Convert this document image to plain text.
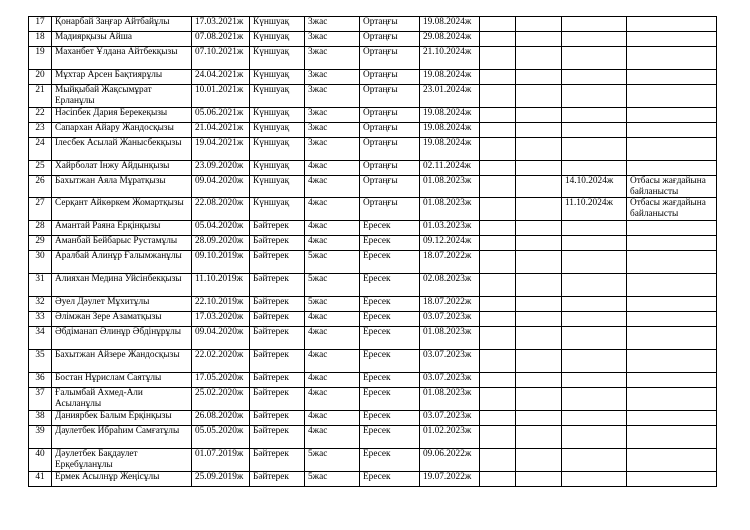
17	Қонарбай Заңғар Айтбайұлы	17.03.2021ж	Күншуақ	3жас	Ортаңғы	19.08.2024ж				
18	Мадиярқызы Айша	07.08.2021ж	Күншуақ	3жас	Ортаңғы	29.08.2024ж				
19	Маханбет Ұлдана Айтбекқызы	07.10.2021ж	Күншуақ	3жас	Ортаңғы	21.10.2024ж				
20	Мұхтар Арсен Бақтиярұлы	24.04.2021ж	Күншуақ	3жас	Ортаңғы	19.08.2024ж				
21	Мыйқыбай Жақсымұрат Ерланұлы	10.01.2021ж	Күншуақ	3жас	Ортаңғы	23.01.2024ж				
22	Нәсіпбек Дария Берекеқызы	05.06.2021ж	Күншуақ	3жас	Ортаңғы	19.08.2024ж				
23	Сапархан Айару Жандосқызы	21.04.2021ж	Күншуақ	3жас	Ортаңғы	19.08.2024ж				
24	Ілесбек Асылай Жанысбекқызы	19.04.2021ж	Күншуақ	3жас	Ортаңғы	19.08.2024ж				
25	Хайрболат Інжу Айдынқызы	23.09.2020ж	Күншуақ	4жас	Ортаңғы	02.11.2024ж				
26	Бахытжан Аяла Мұратқызы	09.04.2020ж	Күншуақ	4жас	Ортаңғы	01.08.2023ж			14.10.2024ж	Отбасы жағдайына байланысты
27	Серқант Айкөркем Жомартқызы	22.08.2020ж	Күншуақ	4жас	Ортаңғы	01.08.2023ж			11.10.2024ж	Отбасы жағдайына байланысты
28	Амантай Раяна Ерқінқызы	05.04.2020ж	Бәйтерек	4жас	Ересек	01.03.2023ж				
29	Аманбай Бейбарыс Рустамұлы	28.09.2020ж	Бәйтерек	4жас	Ересек	09.12.2024ж				
30	Аралбай Алинұр Ғалымжанұлы	09.10.2019ж	Бәйтерек	5жас	Ересек	18.07.2022ж				
31	Алияхан Медина Уйсінбекқызы	11.10.2019ж	Бәйтерек	5жас	Ересек	02.08.2023ж				
32	Әуел Дәулет Мұхитұлы	22.10.2019ж	Бәйтерек	5жас	Ересек	18.07.2022ж				
33	Әлімжан Зере Азаматқызы	17.03.2020ж	Бәйтерек	4жас	Ересек	03.07.2023ж				
34	Әбдіманап Әлинұр Әбдінұрұлы	09.04.2020ж	Бәйтерек	4жас	Ересек	01.08.2023ж				
35	Бахытжан Айзере Жандосқызы	22.02.2020ж	Бәйтерек	4жас	Ересек	03.07.2023ж				
36	Бостан Нұрислам Саятұлы	17.05.2020ж	Бәйтерек	4жас	Ересек	03.07.2023ж				
37	Ғалымбай Ахмед-Али Асыланұлы	25.02.2020ж	Бәйтерек	4жас	Ересек	01.08.2023ж				
38	Даниярбек Балым Ерқінқызы	26.08.2020ж	Бәйтерек	4жас	Ересек	03.07.2023ж				
39	Даулетбек Ибраһим Самғатұлы	05.05.2020ж	Бәйтерек	4жас	Ересек	01.02.2023ж				
40	Дәулетбек Бақдаулет Ерқебұланұлы	01.07.2019ж	Бәйтерек	5жас	Ересек	09.06.2022ж				
41	Ермек Асылнұр Жеңісұлы	25.09.2019ж	Бәйтерек	5жас	Ересек	19.07.2022ж				
